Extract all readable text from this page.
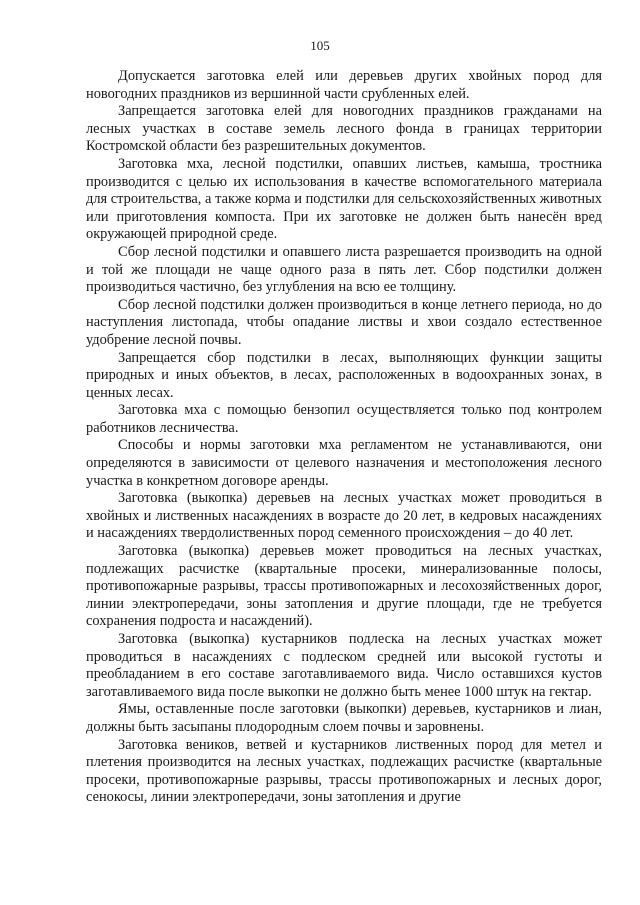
105

Допускается заготовка елей или деревьев других хвойных пород для новогодних праздников из вершинной части срубленных елей.

Запрещается заготовка елей для новогодних праздников гражданами на лесных участках в составе земель лесного фонда в границах территории Костромской области без разрешительных документов.

Заготовка мха, лесной подстилки, опавших листьев, камыша, тростника производится с целью их использования в качестве вспомогательного материала для строительства, а также корма и подстилки для сельскохозяйственных животных или приготовления компоста. При их заготовке не должен быть нанесён вред окружающей природной среде.

Сбор лесной подстилки и опавшего листа разрешается производить на одной и той же площади не чаще одного раза в пять лет. Сбор подстилки должен производиться частично, без углубления на всю ее толщину.

Сбор лесной подстилки должен производиться в конце летнего периода, но до наступления листопада, чтобы опадание листвы и хвои создало естественное удобрение лесной почвы.

Запрещается сбор подстилки в лесах, выполняющих функции защиты природных и иных объектов, в лесах, расположенных в водоохранных зонах, в ценных лесах.

Заготовка мха с помощью бензопил осуществляется только под контролем работников лесничества.

Способы и нормы заготовки мха регламентом не устанавливаются, они определяются в зависимости от целевого назначения и местоположения лесного участка в конкретном договоре аренды.

Заготовка (выкопка) деревьев на лесных участках может проводиться в хвойных и лиственных насаждениях в возрасте до 20 лет, в кедровых насаждениях и насаждениях твердолиственных пород семенного происхождения – до 40 лет.

Заготовка (выкопка) деревьев может проводиться на лесных участках, подлежащих расчистке (квартальные просеки, минерализованные полосы, противопожарные разрывы, трассы противопожарных и лесохозяйственных дорог, линии электропередачи, зоны затопления и другие площади, где не требуется сохранения подроста и насаждений).

Заготовка (выкопка) кустарников подлеска на лесных участках может проводиться в насаждениях с подлеском средней или высокой густоты и преобладанием в его составе заготавливаемого вида. Число оставшихся кустов заготавливаемого вида после выкопки не должно быть менее 1000 штук на гектар.

Ямы, оставленные после заготовки (выкопки) деревьев, кустарников и лиан, должны быть засыпаны плодородным слоем почвы и заровнены.

Заготовка веников, ветвей и кустарников лиственных пород для метел и плетения производится на лесных участках, подлежащих расчистке (квартальные просеки, противопожарные разрывы, трассы противопожарных и лесных дорог, сенокосы, линии электропередачи, зоны затопления и другие
